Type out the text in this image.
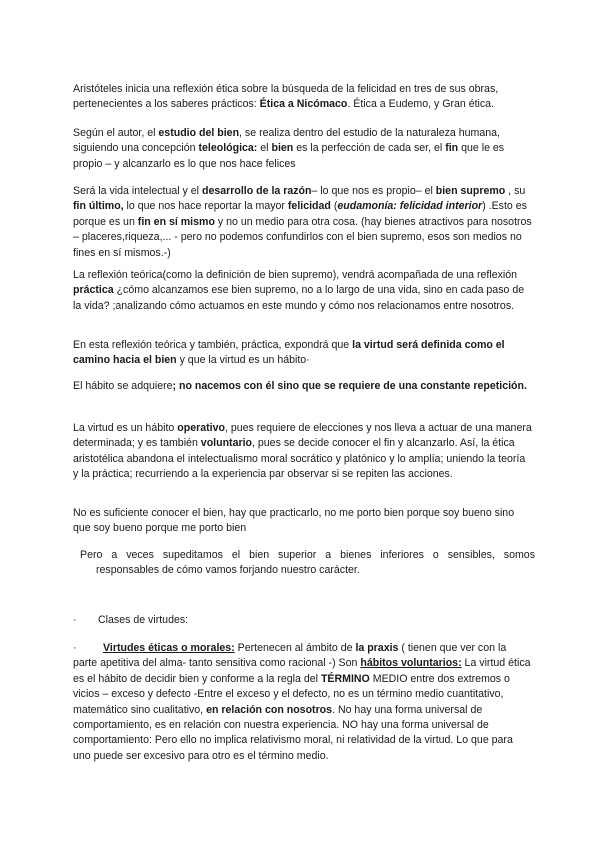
Aristóteles inicia una reflexión ética sobre la búsqueda de la felicidad en tres de sus obras, pertenecientes a los saberes prácticos: Ética a Nicómaco. Ética a Eudemo, y Gran ética.

Según el autor, el estudio del bien, se realiza dentro del estudio de la naturaleza humana, siguiendo una concepción teleológica: el bien es la perfección de cada ser, el fin que le es propio – y alcanzarlo es lo que nos hace felices

Será la vida intelectual y el desarrollo de la razón– lo que nos es propio– el bien supremo , su fin último, lo que nos hace reportar la mayor felicidad (eudamonía: felicidad interior) .Esto es porque es un fin en sí mismo y no un medio para otra cosa. (hay bienes atractivos para nosotros – placeres,riqueza,... - pero no podemos confundirlos con el bien supremo, esos son medios no fines en sí mismos.-)

La reflexión teórica(como la definición de bien supremo), vendrá acompañada de una reflexión práctica ¿cómo alcanzamos ese bien supremo, no a lo largo de una vida, sino en cada paso de la vida? ;analizando cómo actuamos en este mundo y cómo nos relacionamos entre nosotros.

En esta reflexión teórica y también, práctica, expondrá que la virtud será definida como el camino hacia el bien y que la virtud es un hábito·

El hábito se adquiere; no nacemos con él sino que se requiere de una constante repetición.

La virtud es un hábito operativo, pues requiere de elecciones y nos lleva a actuar de una manera determinada; y es también voluntario, pues se decide conocer el fin y alcanzarlo. Así, la ética aristotélica abandona el intelectualismo moral socrático y platónico y lo amplía; uniendo la teoría y la práctica; recurriendo a la experiencia par observar si se repiten las acciones.

No es suficiente conocer el bien, hay que practicarlo, no me porto bien porque soy bueno sino que soy bueno porque me porto bien

Pero a veces supeditamos el bien superior a bienes inferiores o sensibles, somos
responsables de cómo vamos forjando nuestro carácter.

·	Clases de virtudes:
·	Virtudes éticas o morales: Pertenecen al ámbito de la praxis ( tienen que ver con la parte apetitiva del alma- tanto sensitiva como racional -) Son hábitos voluntarios: La virtud ética es el hábito de decidir bien y conforme a la regla del TÉRMINO MEDIO entre dos extremos o vicios – exceso y defecto -Entre el exceso y el defecto, no es un término medio cuantitativo, matemático sino cualitativo, en relación con nosotros. No hay una forma universal de comportamiento, es en relación con nuestra experiencia. NO hay una forma universal de comportamiento: Pero ello no implica relativismo moral, ni relatividad de la virtud. Lo que para uno puede ser excesivo para otro es el término medio.
